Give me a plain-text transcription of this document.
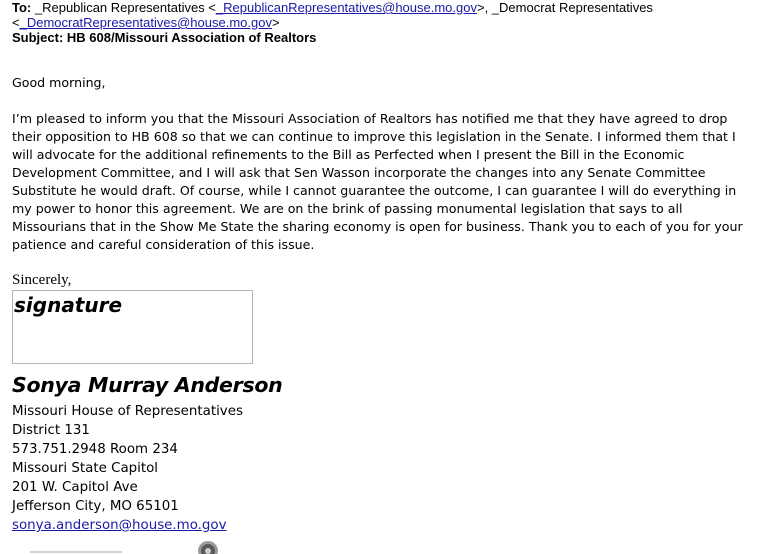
To: _Republican Representatives <_RepublicanRepresentatives@house.mo.gov>, _Democrat Representatives
<_DemocratRepresentatives@house.mo.gov>
Subject: HB 608/Missouri Association of Realtors
Good morning,
I’m pleased to inform you that the Missouri Association of Realtors has notified me that they have agreed to drop their opposition to HB 608 so that we can continue to improve this legislation in the Senate. I informed them that I will advocate for the additional refinements to the Bill as Perfected when I present the Bill in the Economic Development Committee, and I will ask that Sen Wasson incorporate the changes into any Senate Committee Substitute he would draft. Of course, while I cannot guarantee the outcome, I can guarantee I will do everything in my power to honor this agreement. We are on the brink of passing monumental legislation that says to all Missourians that in the Show Me State the sharing economy is open for business. Thank you to each of you for your patience and careful consideration of this issue.
Sincerely,
signature
Sonya Murray Anderson
Missouri House of Representatives
District 131
573.751.2948 Room 234
Missouri State Capitol
201 W. Capitol Ave
Jefferson City, MO 65101
sonya.anderson@house.mo.gov
